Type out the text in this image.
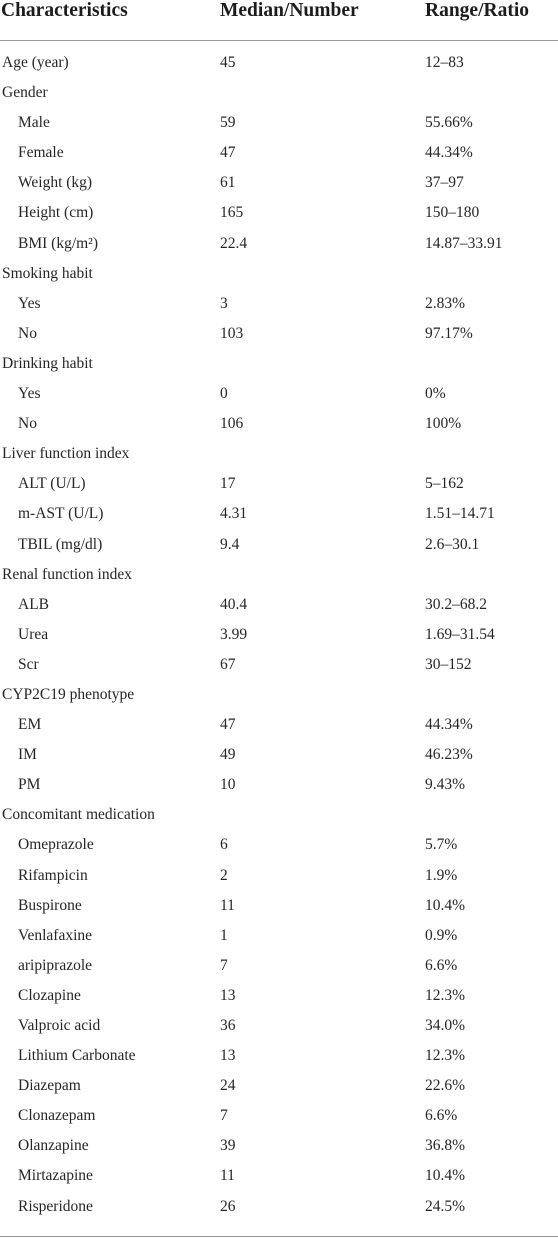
Characteristics	Median/Number	Range/Ratio
Age (year)	45	12–83
Gender
Male	59	55.66%
Female	47	44.34%
Weight (kg)	61	37–97
Height (cm)	165	150–180
BMI (kg/m²)	22.4	14.87–33.91
Smoking habit
Yes	3	2.83%
No	103	97.17%
Drinking habit
Yes	0	0%
No	106	100%
Liver function index
ALT (U/L)	17	5–162
m-AST (U/L)	4.31	1.51–14.71
TBIL (mg/dl)	9.4	2.6–30.1
Renal function index
ALB	40.4	30.2–68.2
Urea	3.99	1.69–31.54
Scr	67	30–152
CYP2C19 phenotype
EM	47	44.34%
IM	49	46.23%
PM	10	9.43%
Concomitant medication
Omeprazole	6	5.7%
Rifampicin	2	1.9%
Buspirone	11	10.4%
Venlafaxine	1	0.9%
aripiprazole	7	6.6%
Clozapine	13	12.3%
Valproic acid	36	34.0%
Lithium Carbonate	13	12.3%
Diazepam	24	22.6%
Clonazepam	7	6.6%
Olanzapine	39	36.8%
Mirtazapine	11	10.4%
Risperidone	26	24.5%
